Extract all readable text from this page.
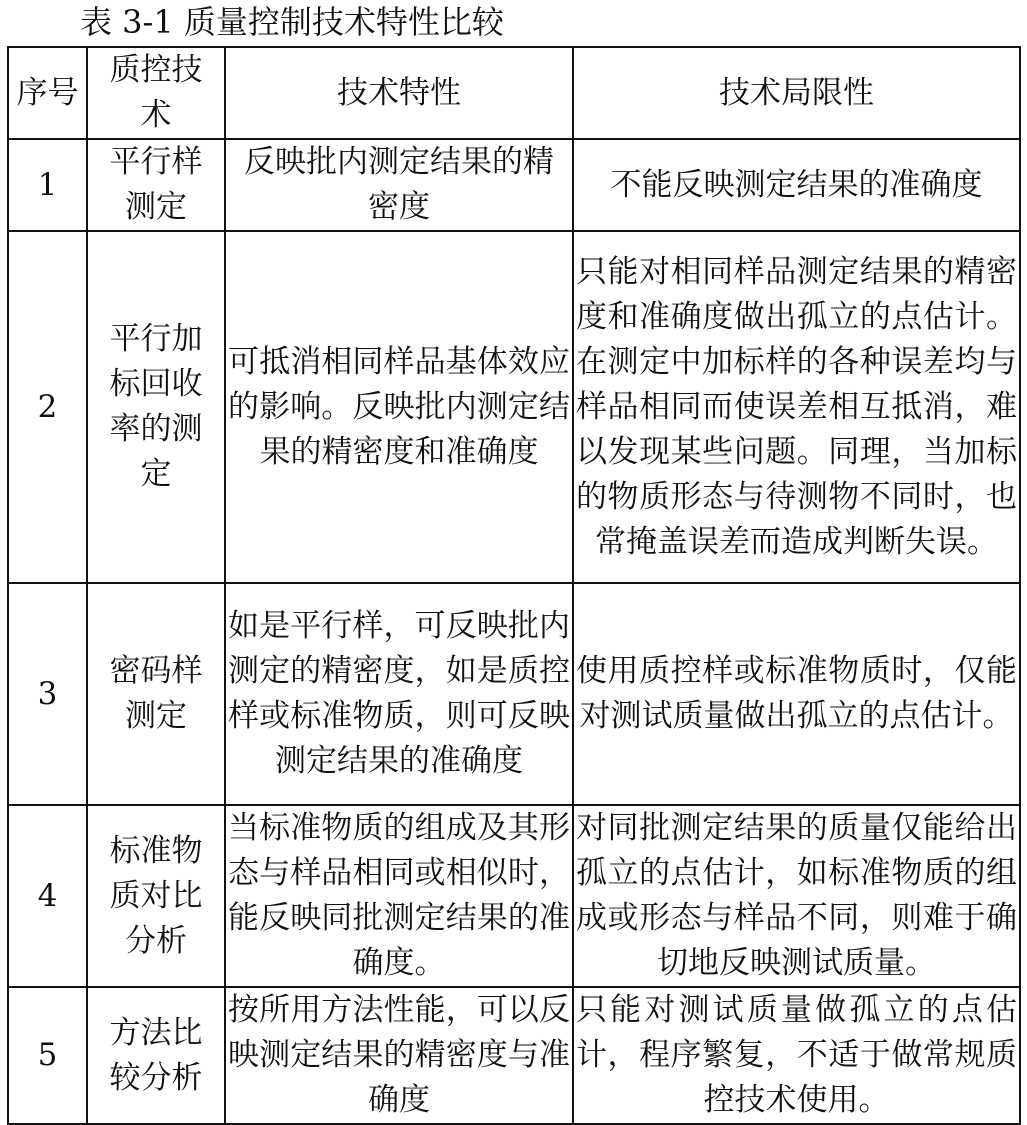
表 3-1 质量控制技术特性比较
序号	质控技术	技术特性	技术局限性
1	平行样测定	反映批内测定结果的精密度	不能反映测定结果的准确度
2	平行加标回收率的测定	可抵消相同样品基体效应的影响。反映批内测定结果的精密度和准确度	只能对相同样品测定结果的精密度和准确度做出孤立的点估计。在测定中加标样的各种误差均与样品相同而使误差相互抵消，难以发现某些问题。同理，当加标的物质形态与待测物不同时，也常掩盖误差而造成判断失误。
3	密码样测定	如是平行样，可反映批内测定的精密度，如是质控样或标准物质，则可反映测定结果的准确度	使用质控样或标准物质时，仅能对测试质量做出孤立的点估计。
4	标准物质对比分析	当标准物质的组成及其形态与样品相同或相似时，能反映同批测定结果的准确度。	对同批测定结果的质量仅能给出孤立的点估计，如标准物质的组成或形态与样品不同，则难于确切地反映测试质量。
5	方法比较分析	按所用方法性能，可以反映测定结果的精密度与准确度	只能对测试质量做孤立的点估计，程序繁复，不适于做常规质控技术使用。
